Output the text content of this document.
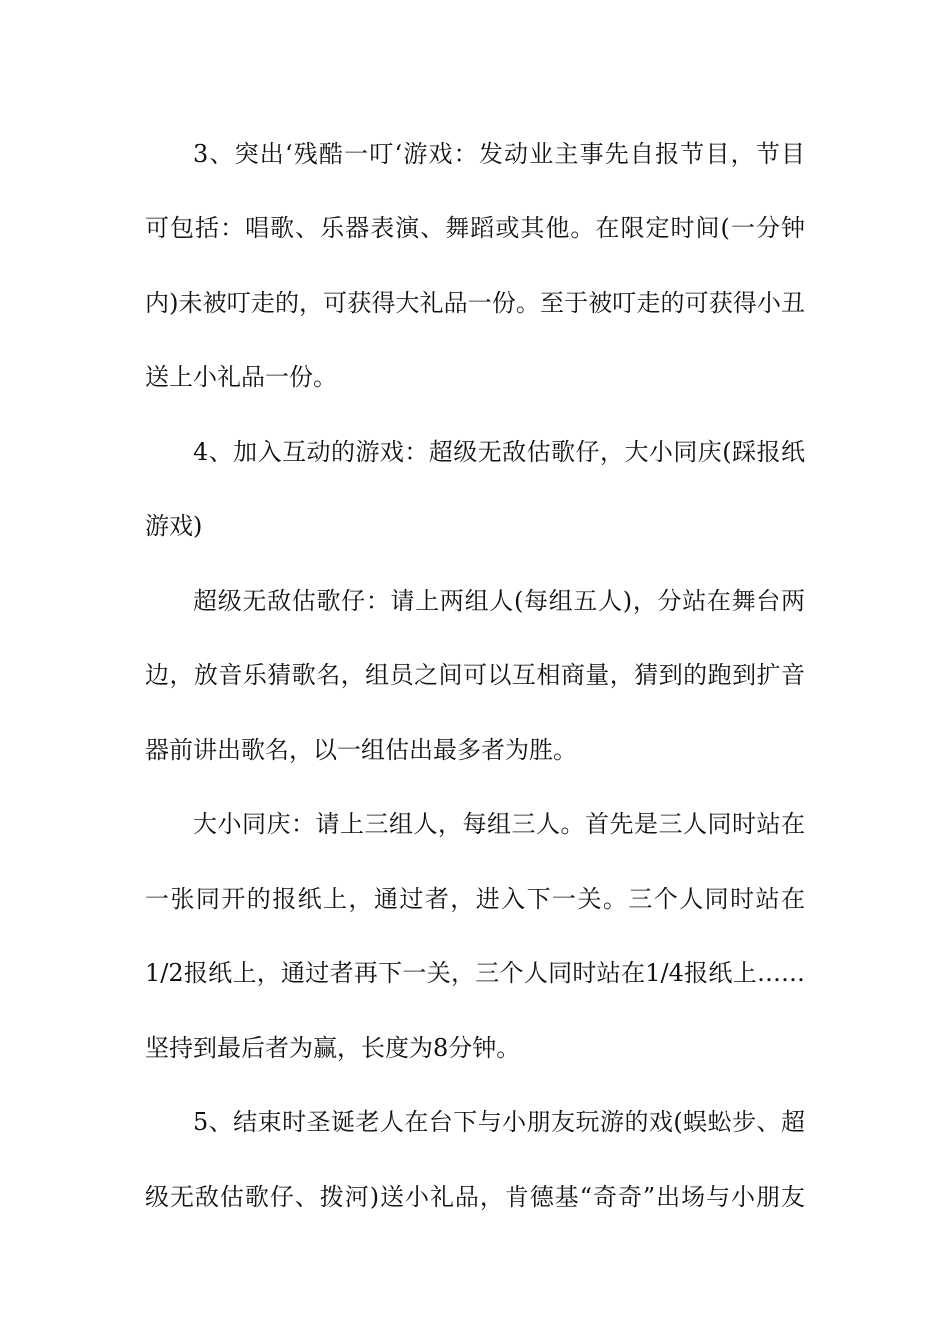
3、突出‘残酷一叮‘游戏：发动业主事先自报节目，节目
可包括：唱歌、乐器表演、舞蹈或其他。在限定时间(一分钟
内)未被叮走的，可获得大礼品一份。至于被叮走的可获得小丑
送上小礼品一份。
4、加入互动的游戏：超级无敌估歌仔，大小同庆(踩报纸
游戏)
超级无敌估歌仔：请上两组人(每组五人)，分站在舞台两
边，放音乐猜歌名，组员之间可以互相商量，猜到的跑到扩音
器前讲出歌名，以一组估出最多者为胜。
大小同庆：请上三组人，每组三人。首先是三人同时站在
一张同开的报纸上，通过者，进入下一关。三个人同时站在
1/2报纸上，通过者再下一关，三个人同时站在1/4报纸上……
坚持到最后者为赢，长度为8分钟。
5、结束时圣诞老人在台下与小朋友玩游的戏(蜈蚣步、超
级无敌估歌仔、拨河)送小礼品，肯德基“奇奇”出场与小朋友
